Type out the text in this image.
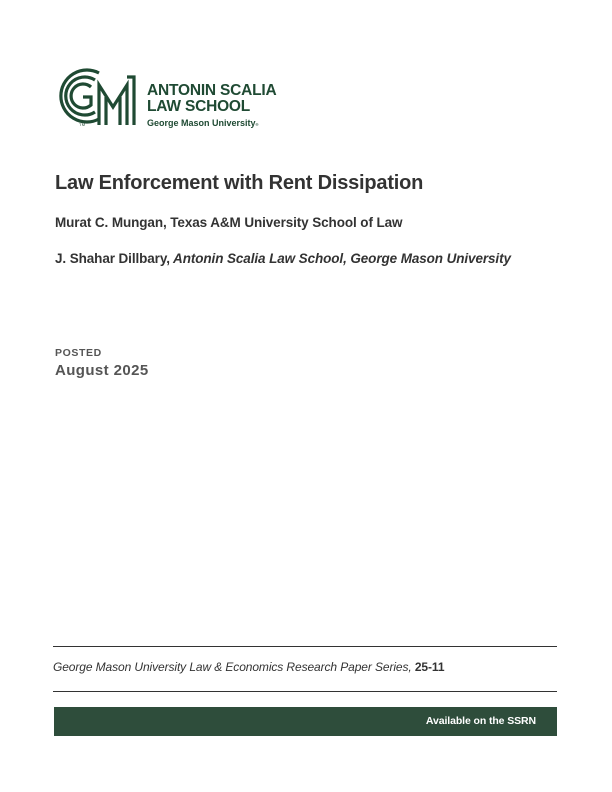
TM
ANTONIN SCALIA
LAW SCHOOL
George Mason University®
Law Enforcement with Rent Dissipation
Murat C. Mungan, Texas A&M University School of Law
J. Shahar Dillbary, Antonin Scalia Law School, George Mason University
POSTED
August 2025
George Mason University Law & Economics Research Paper Series, 25-11
Available on the SSRN
